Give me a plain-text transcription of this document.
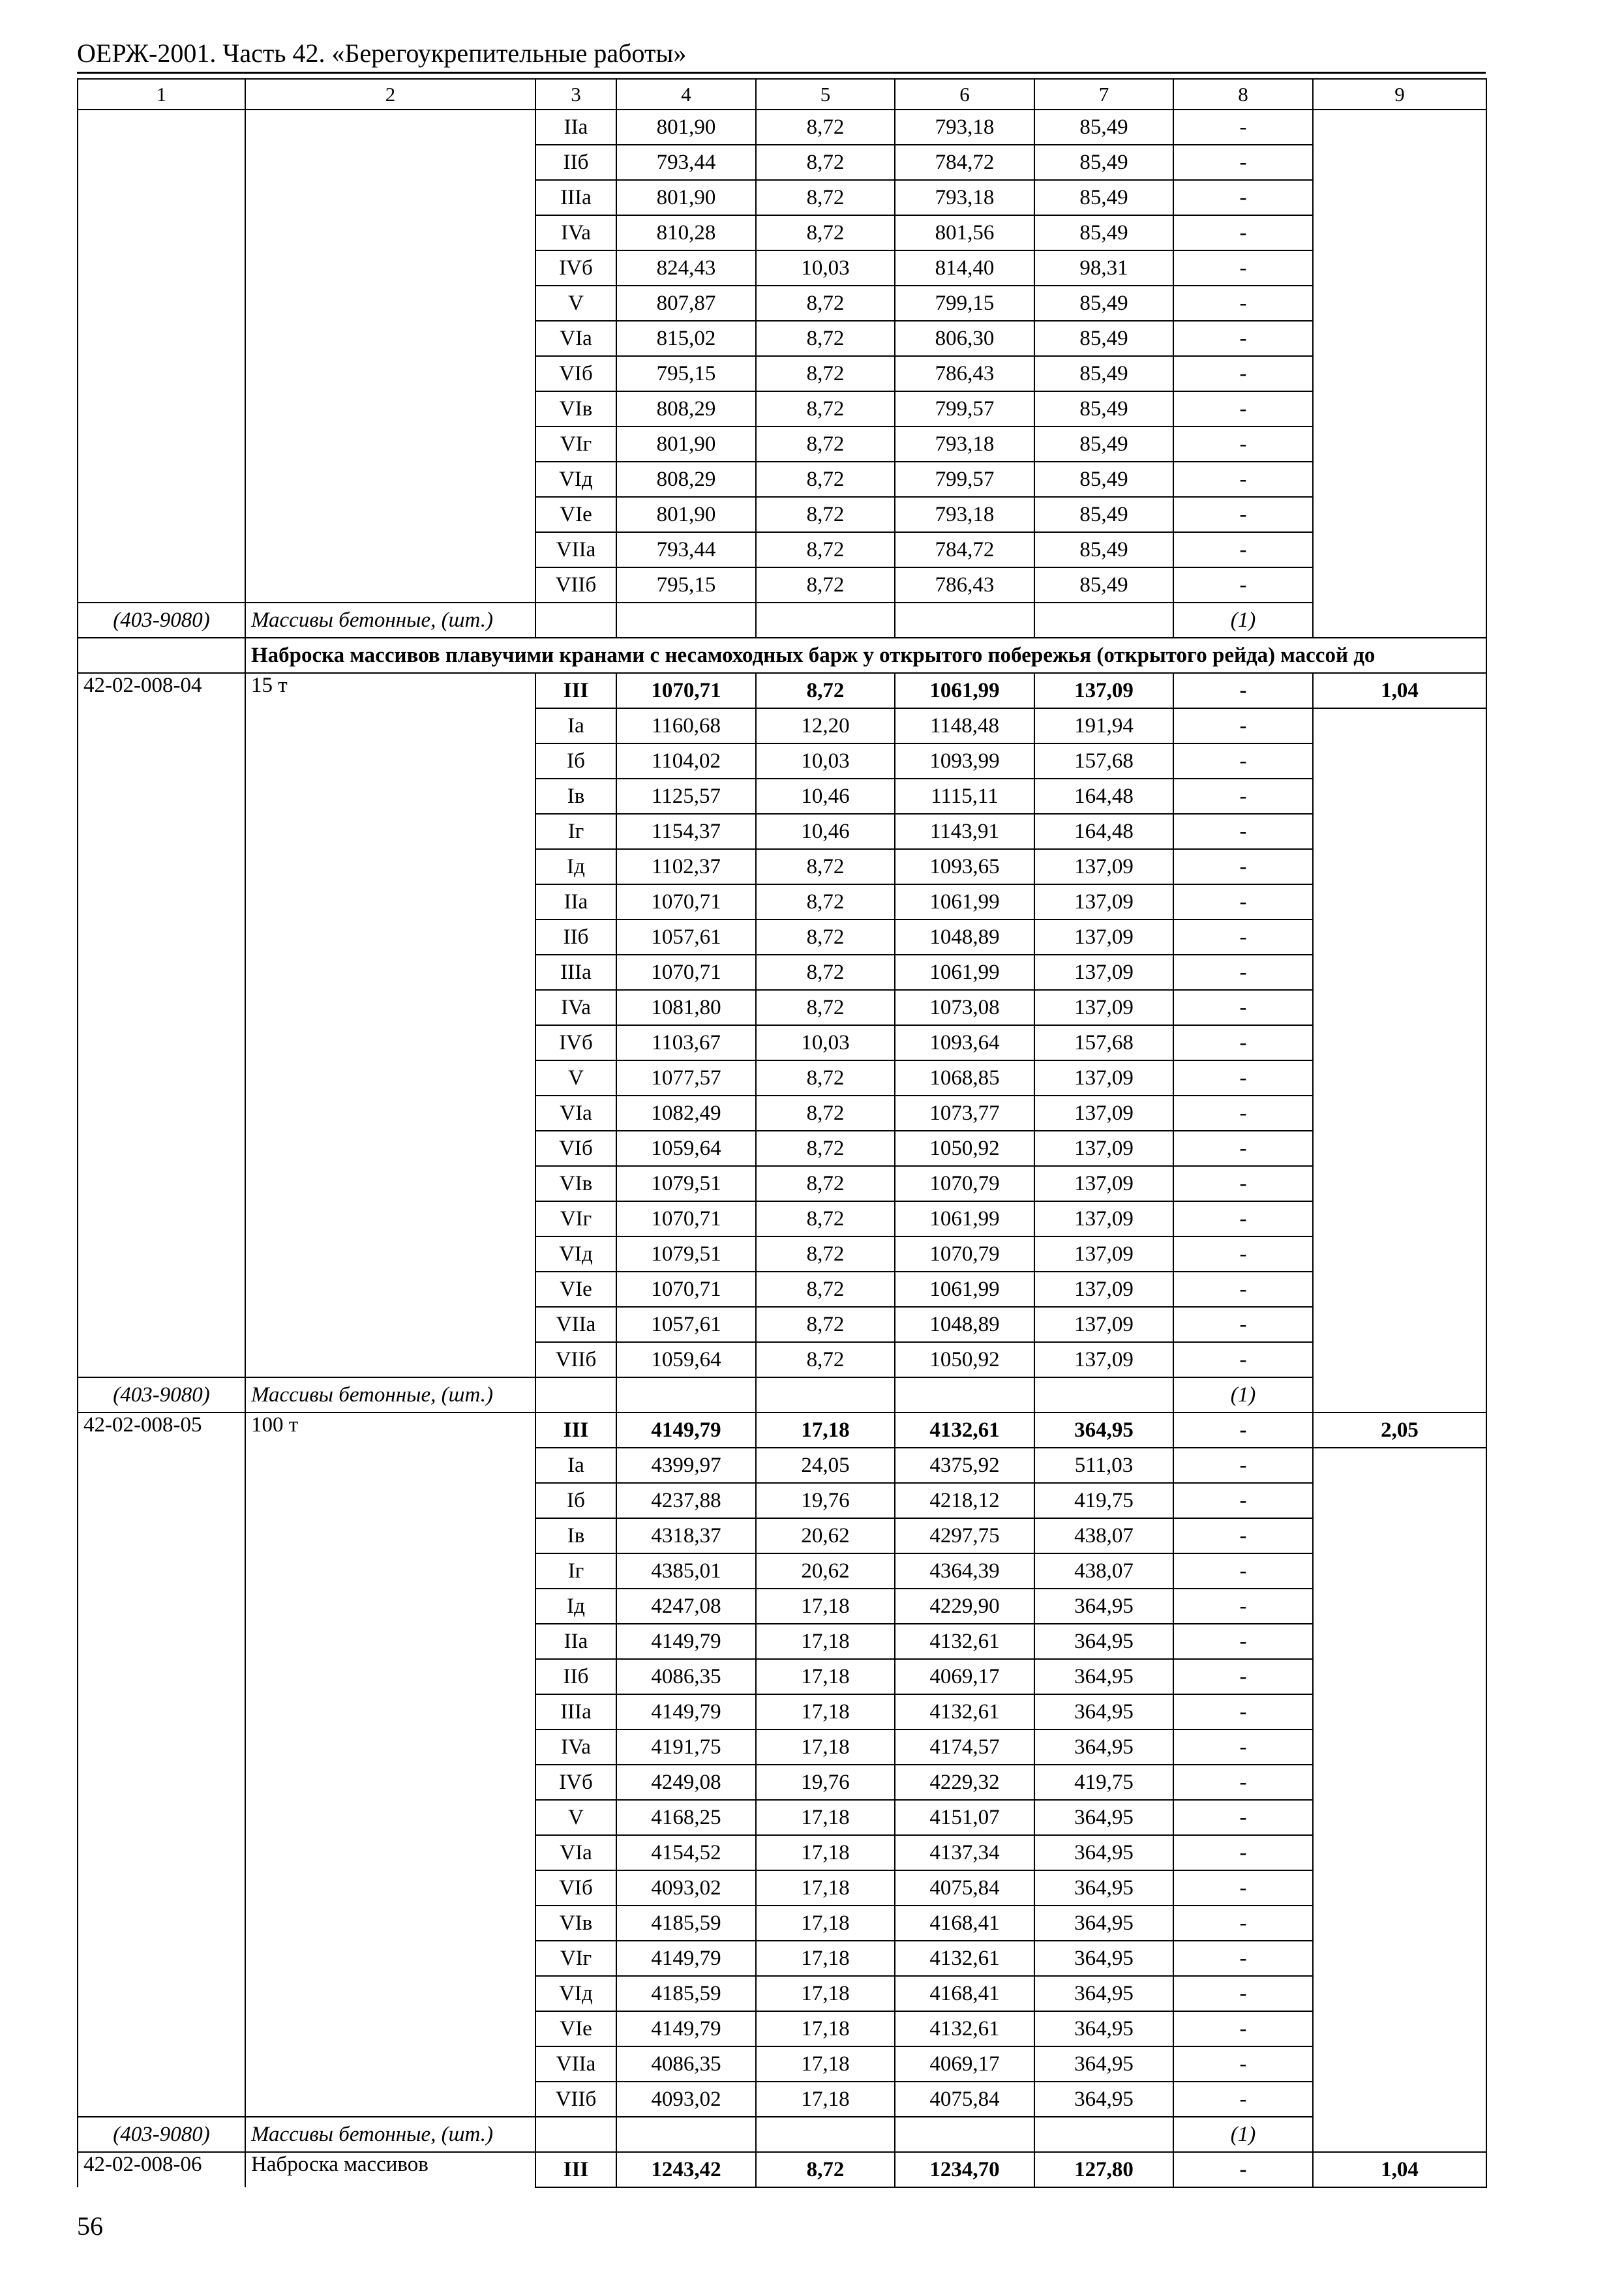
ОЕРЖ-2001. Часть 42. «Берегоукрепительные работы»
1	2	3	4	5	6	7	8	9
		IIa	801,90	8,72	793,18	85,49	-	
		IIб	793,44	8,72	784,72	85,49	-	
		IIIa	801,90	8,72	793,18	85,49	-	
		IVa	810,28	8,72	801,56	85,49	-	
		IVб	824,43	10,03	814,40	98,31	-	
		V	807,87	8,72	799,15	85,49	-	
		VIa	815,02	8,72	806,30	85,49	-	
		VIб	795,15	8,72	786,43	85,49	-	
		VIв	808,29	8,72	799,57	85,49	-	
		VIг	801,90	8,72	793,18	85,49	-	
		VIд	808,29	8,72	799,57	85,49	-	
		VIe	801,90	8,72	793,18	85,49	-	
		VIIa	793,44	8,72	784,72	85,49	-	
		VIIб	795,15	8,72	786,43	85,49	-	
(403-9080)	Массивы бетонные, (шт.)						(1)	
	Наброска массивов плавучими кранами с несамоходных барж у открытого побережья (открытого рейда) массой до							
42-02-008-04	15 т	III	1070,71	8,72	1061,99	137,09	-	1,04
		Ia	1160,68	12,20	1148,48	191,94	-	
		Iб	1104,02	10,03	1093,99	157,68	-	
		Iв	1125,57	10,46	1115,11	164,48	-	
		Iг	1154,37	10,46	1143,91	164,48	-	
		Iд	1102,37	8,72	1093,65	137,09	-	
		IIa	1070,71	8,72	1061,99	137,09	-	
		IIб	1057,61	8,72	1048,89	137,09	-	
		IIIa	1070,71	8,72	1061,99	137,09	-	
		IVa	1081,80	8,72	1073,08	137,09	-	
		IVб	1103,67	10,03	1093,64	157,68	-	
		V	1077,57	8,72	1068,85	137,09	-	
		VIa	1082,49	8,72	1073,77	137,09	-	
		VIб	1059,64	8,72	1050,92	137,09	-	
		VIв	1079,51	8,72	1070,79	137,09	-	
		VIг	1070,71	8,72	1061,99	137,09	-	
		VIд	1079,51	8,72	1070,79	137,09	-	
		VIe	1070,71	8,72	1061,99	137,09	-	
		VIIa	1057,61	8,72	1048,89	137,09	-	
		VIIб	1059,64	8,72	1050,92	137,09	-	
(403-9080)	Массивы бетонные, (шт.)						(1)	
42-02-008-05	100 т	III	4149,79	17,18	4132,61	364,95	-	2,05
		Ia	4399,97	24,05	4375,92	511,03	-	
		Iб	4237,88	19,76	4218,12	419,75	-	
		Iв	4318,37	20,62	4297,75	438,07	-	
		Iг	4385,01	20,62	4364,39	438,07	-	
		Iд	4247,08	17,18	4229,90	364,95	-	
		IIa	4149,79	17,18	4132,61	364,95	-	
		IIб	4086,35	17,18	4069,17	364,95	-	
		IIIa	4149,79	17,18	4132,61	364,95	-	
		IVa	4191,75	17,18	4174,57	364,95	-	
		IVб	4249,08	19,76	4229,32	419,75	-	
		V	4168,25	17,18	4151,07	364,95	-	
		VIa	4154,52	17,18	4137,34	364,95	-	
		VIб	4093,02	17,18	4075,84	364,95	-	
		VIв	4185,59	17,18	4168,41	364,95	-	
		VIг	4149,79	17,18	4132,61	364,95	-	
		VIд	4185,59	17,18	4168,41	364,95	-	
		VIe	4149,79	17,18	4132,61	364,95	-	
		VIIa	4086,35	17,18	4069,17	364,95	-	
		VIIб	4093,02	17,18	4075,84	364,95	-	
(403-9080)	Массивы бетонные, (шт.)						(1)	
42-02-008-06	Наброска массивов	III	1243,42	8,72	1234,70	127,80	-	1,04
56
